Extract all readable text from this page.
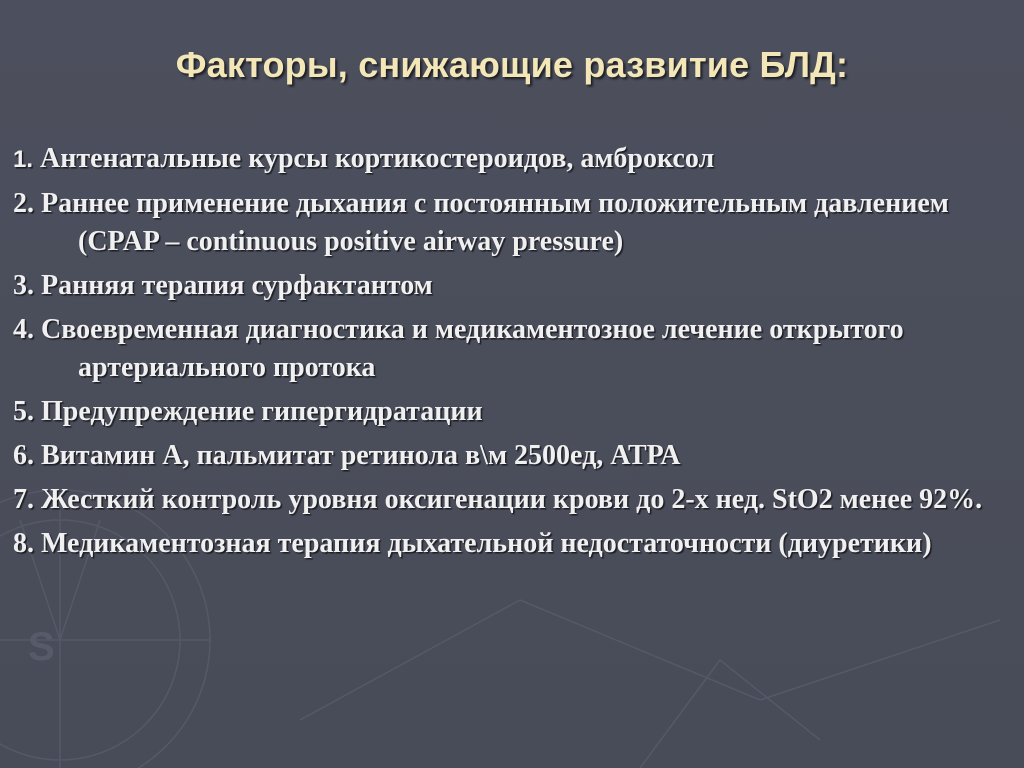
S
Факторы, снижающие развитие БЛД:
1. Антенатальные курсы кортикостероидов, амброксол
2. Раннее применение дыхания с постоянным положительным давлением (CPAP – continuous positive airway pressure)
3. Ранняя терапия сурфактантом
4. Своевременная диагностика и медикаментозное лечение открытого артериального протока
5. Предупреждение гипергидратации
6. Витамин А, пальмитат ретинола в\м 2500ед, АТРА
7. Жесткий контроль уровня оксигенации крови до 2-х нед. StO2 менее 92%.
8. Медикаментозная терапия дыхательной недостаточности (диуретики)
